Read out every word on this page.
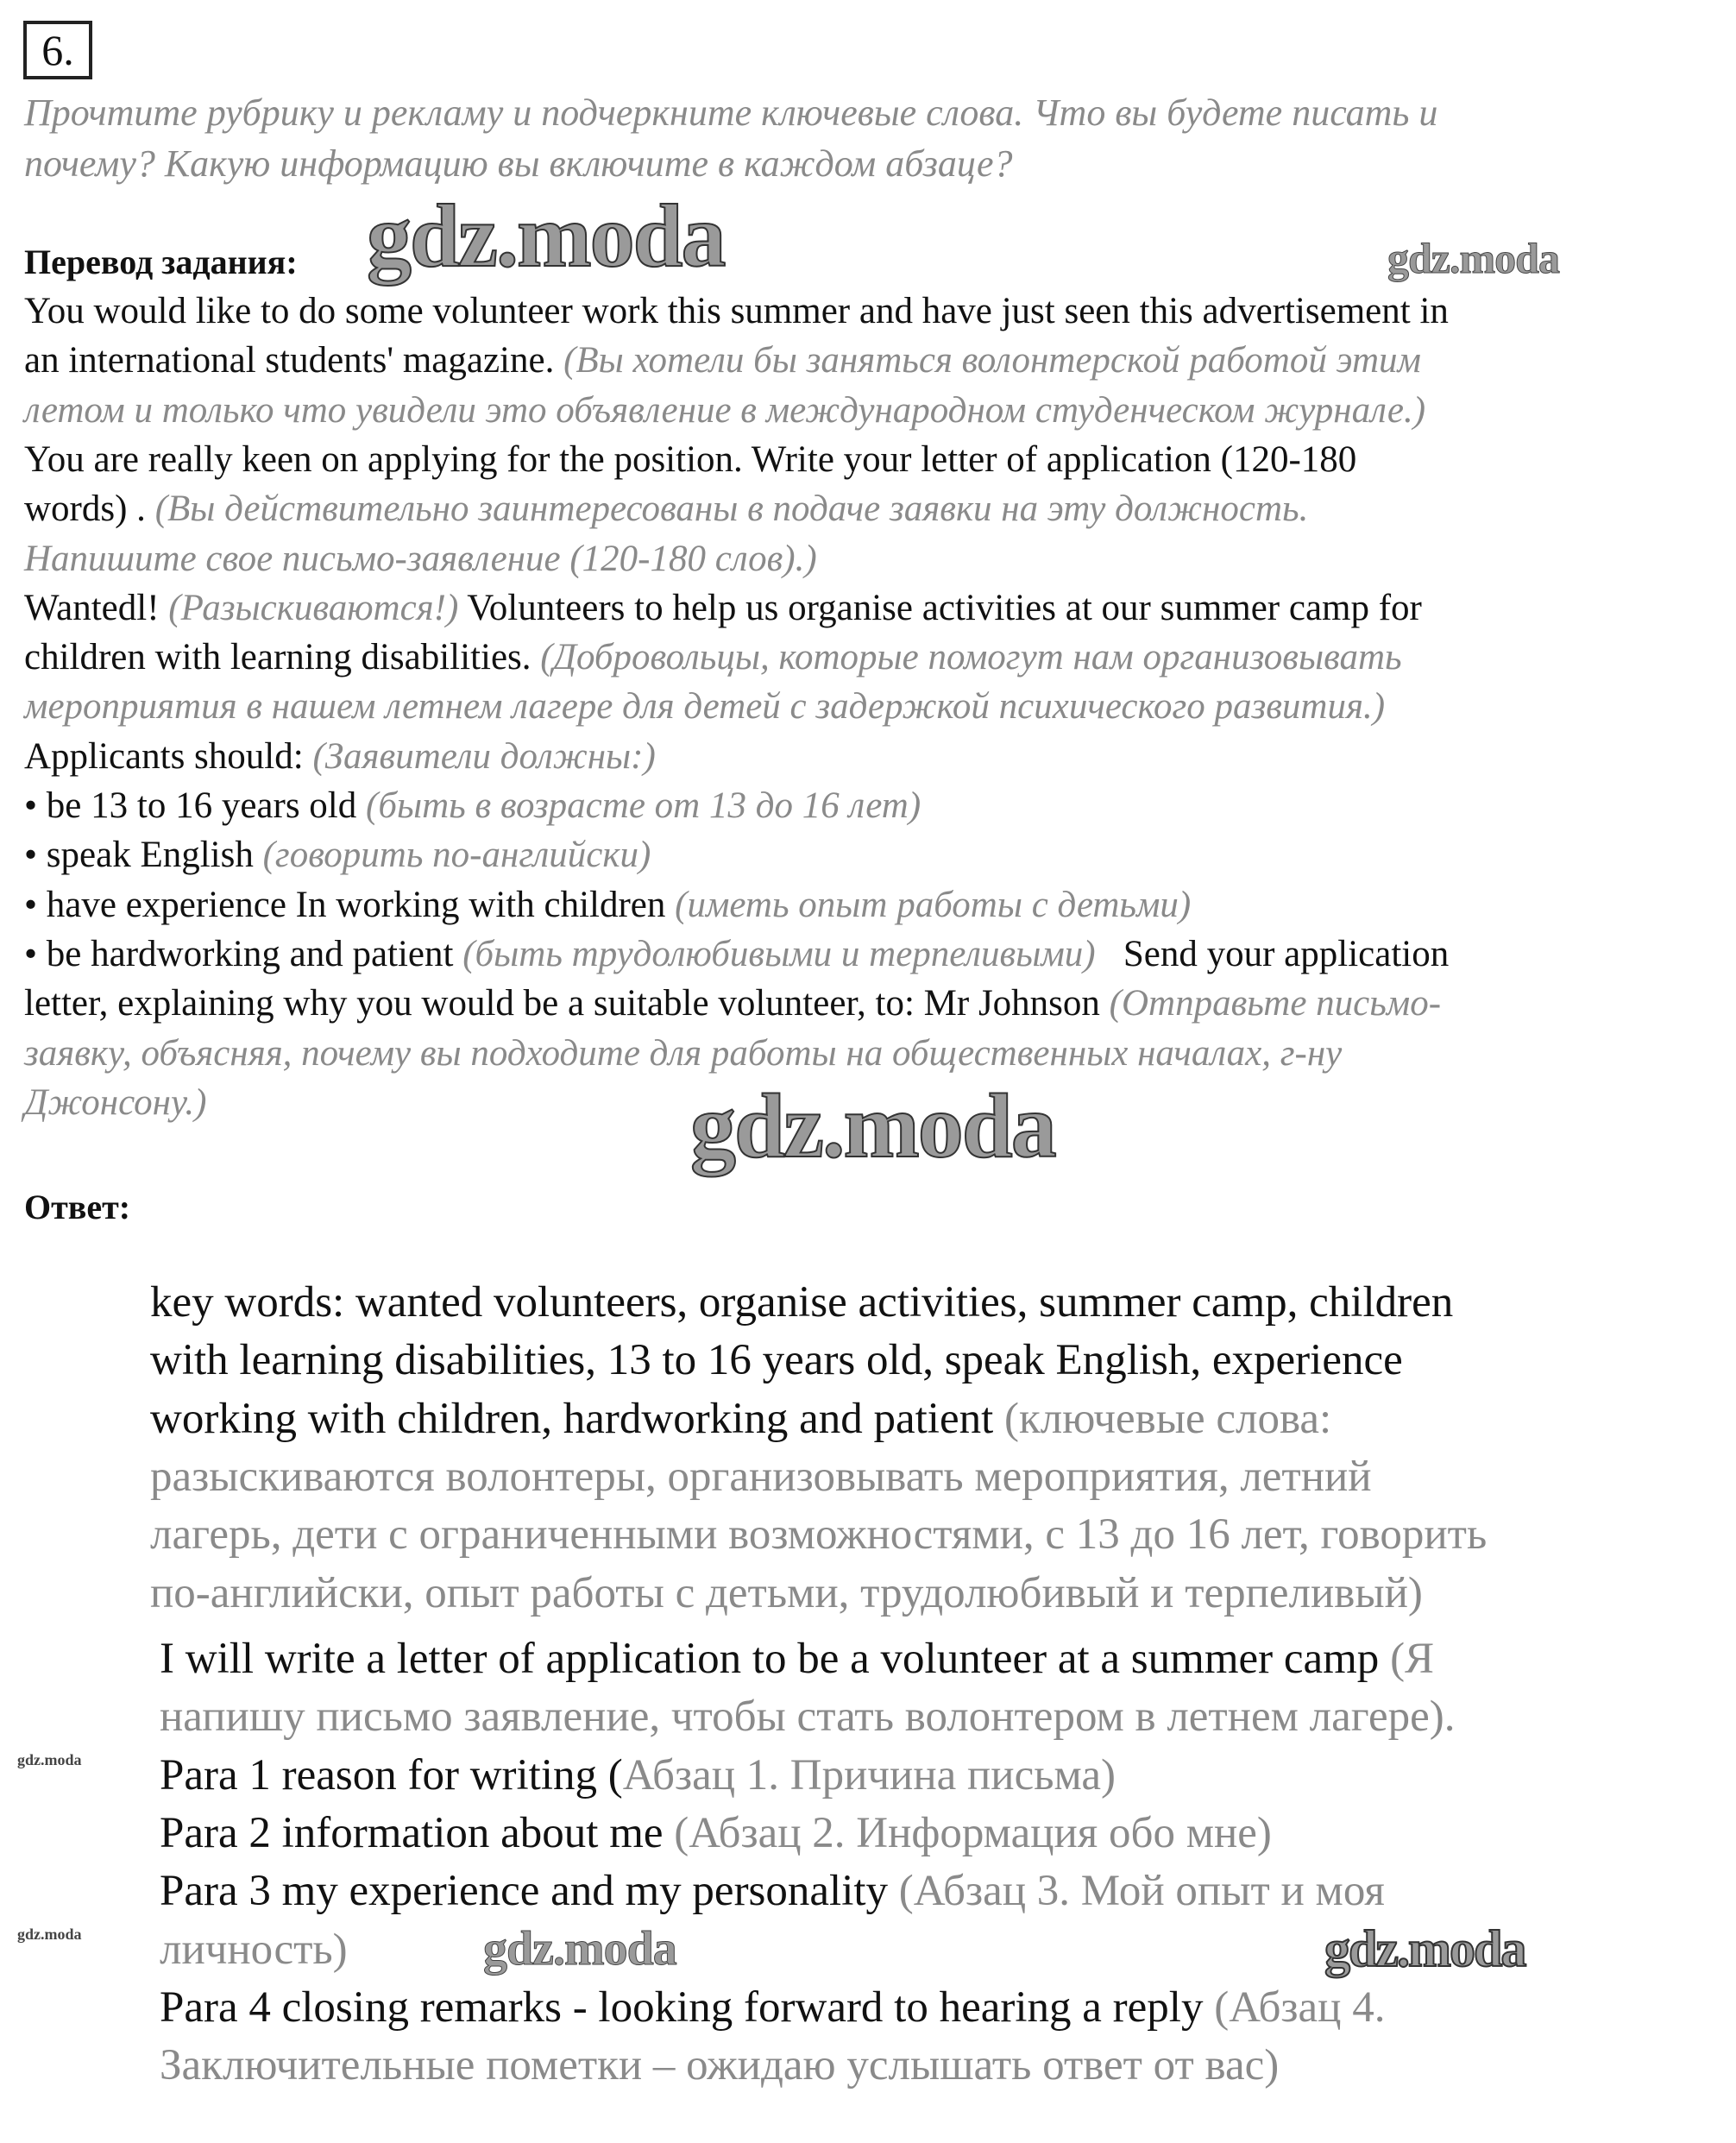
6.
Прочтите рубрику и рекламу и подчеркните ключевые слова. Что вы будете писать и
почему? Какую информацию вы включите в каждом абзаце?
Перевод задания:
Ответ:
You would like to do some volunteer work this summer and have just seen this advertisement in
an international students' magazine. (Вы хотели бы заняться волонтерской работой этим
летом и только что увидели это объявление в международном студенческом журнале.)
You are really keen on applying for the position. Write your letter of application (120-180
words) . (Вы действительно заинтересованы в подаче заявки на эту должность.
Напишите свое письмо-заявление (120-180 слов).)
Wantedl! (Разыскиваются!) Volunteers to help us organise activities at our summer camp for
children with learning disabilities. (Добровольцы, которые помогут нам организовывать
мероприятия в нашем летнем лагере для детей с задержкой психического развития.)
Applicants should: (Заявители должны:)
• be 13 to 16 years old (быть в возрасте от 13 до 16 лет)
• speak English (говорить по-английски)
• have experience In working with children (иметь опыт работы с детьми)
• be hardworking and patient (быть трудолюбивыми и терпеливыми)   Send your application
letter, explaining why you would be a suitable volunteer, to: Mr Johnson (Отправьте письмо-
заявку, объясняя, почему вы подходите для работы на общественных началах, г-ну
Джонсону.)
key words: wanted volunteers, organise activities, summer camp, children
with learning disabilities, 13 to 16 years old, speak English, experience
working with children, hardworking and patient (ключевые слова:
разыскиваются волонтеры, организовывать мероприятия, летний
лагерь, дети с ограниченными возможностями, с 13 до 16 лет, говорить
по-английски, опыт работы с детьми, трудолюбивый и терпеливый)
I will write a letter of application to be a volunteer at a summer camp (Я
напишу письмо заявление, чтобы стать волонтером в летнем лагере).
Para 1 reason for writing (Абзац 1. Причина письма)
Para 2 information about me (Абзац 2. Информация обо мне)
Para 3 my experience and my personality (Абзац 3. Мой опыт и моя
личность)
Para 4 closing remarks - looking forward to hearing a reply (Абзац 4.
Заключительные пометки – ожидаю услышать ответ от вас)
gdz.moda	gdz.moda
gdz.moda
gdz.moda
gdz.moda	gdz.moda	gdz.moda
